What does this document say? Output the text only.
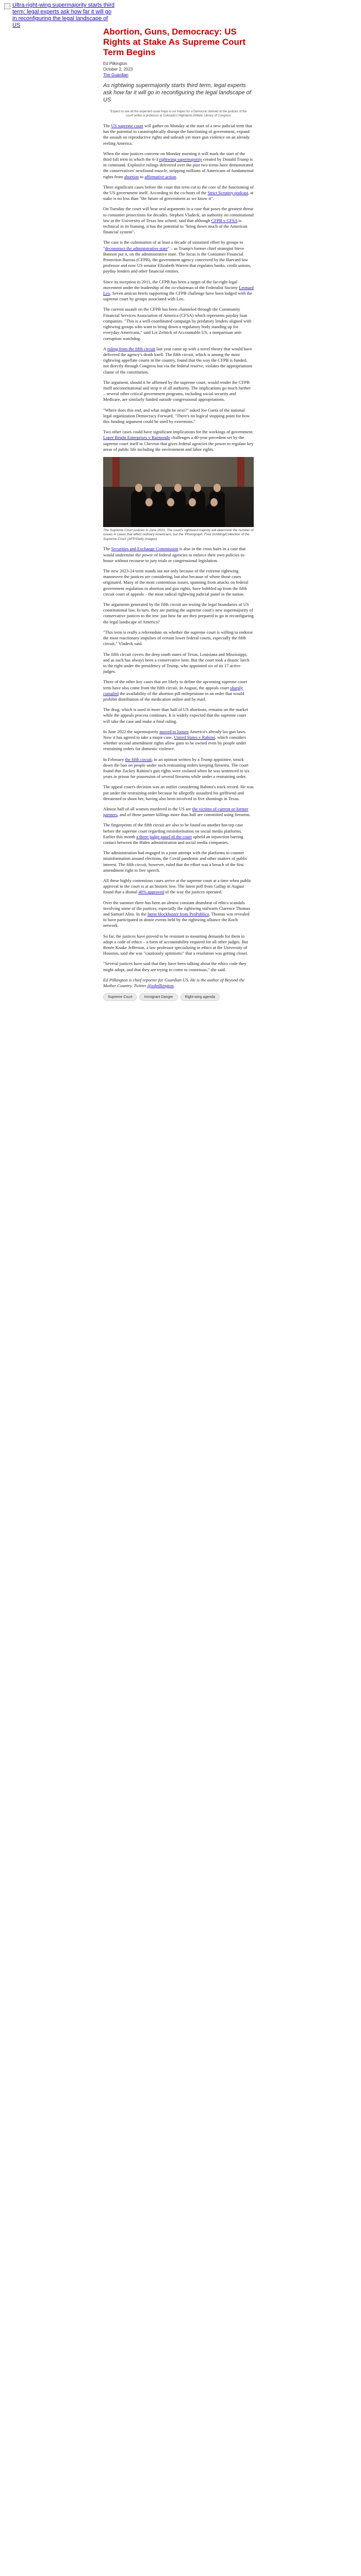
Ultra-right-wing supermajority starts third term: legal experts ask how far it will go in reconfiguring the legal landscape of US
Abortion, Guns, Democracy: US Rights at Stake As Supreme Court Term Begins
Ed Pilkington
October 2, 2023
The Guardian

As rightwing supermajority starts third term, legal experts ask how far it will go in reconfiguring the legal landscape of US

'Expect to see all the expected usual hope & our hopes for a Democrat shelved at the justices of the court' writes a professor at Colorado's Highlands Athletic Library of Congress

The US supreme court will gather on Monday at the start of a new judicial term that has the potential to catastrophically disrupt the functioning of government, expand the assault on reproductive rights and unleash yet more gun violence on an already reeling America.

When the nine justices convene on Monday morning it will mark the start of the third full term in which the 6-3 rightwing supermajority created by Donald Trump is in command. Explosive rulings delivered over the past two terms have demonstrated the conservatives' newfound muscle, stripping millions of Americans of fundamental rights from abortion to affirmative action.

Three significant cases before the court this term cut to the core of the functioning of the US government itself. According to the co-hosts of the Strict Scrutiny podcast, at stake is no less than "the future of government as we know it".

On Tuesday the court will hear oral arguments in a case that poses the greatest threat to consumer protections for decades. Stephen Vladeck, an authority on constitutional law at the University of Texas law school, said that although CFPB v CFSA is technical in its framing, it has the potential to "bring down much of the American financial system".

The case is the culmination of at least a decade of sustained effort by groups to "deconstruct the administrative state" – as Trump's former chief strategist Steve Bannon put it, on the administrative state. The focus is the Consumer Financial Protection Bureau (CFPB), the government agency conceived by the Harvard law professor and now US senator Elizabeth Warren that regulates banks, credit unions, payday lenders and other financial entities.

Since its inception in 2011, the CFPB has been a target of the far-right legal movement under the leadership of the co-chairman of the Federalist Society Leonard Leo. Seven amicus briefs supporting the CFPB challenge have been lodged with the supreme court by groups associated with Leo.

The current assault on the CFPB has been channeled through the Community Financial Services Association of America (CFSA) which represents payday loan companies. "This is a well-coordinated campaign by predatory lenders aligned with rightwing groups who want to bring down a regulatory body standing up for everyday Americans," said Liz Zelnick of Accountable.US, a nonpartisan anti-corruption watchdog.

A ruling from the fifth circuit last year came up with a novel theory that would have delivered the agency's death knell. The fifth circuit, which is among the most rightwing appellate courts in the country, found that the way the CFPB is funded, not directly through Congress but via the federal reserve, violates the appropriations clause of the constitution.

The argument, should it be affirmed by the supreme court, would render the CFPB itself unconstitutional and strip it of all authority. The implications go much further – several other critical government programs, including social security and Medicare, are similarly funded outside congressional appropriations.

"Where does this end, and what might be next?" asked Joe Gaeta of the national legal organization Democracy Forward. "There's no logical stopping point for how this funding argument could be used by extremists."

Two other cases could have significant implications for the workings of government. Loper Bright Enterprises v Raimondo challenges a 40-year precedent set by the supreme court itself in Chevron that gives federal agencies the power to regulate key areas of public life including the environment and labor rights.

The Supreme Court justices in June 2023. The court's rightward majority will determine the number of issues in cases that affect ordinary Americans, but the ‘Photograph: Fred Schilling/Collection of the Supreme Court’ (AFP/Getty Images)

The Securities and Exchange Commission is also in the cross hairs in a case that would undermine the power of federal agencies to enforce their own policies in-house without recourse to jury trials or congressional legislation.

The new 2023-24 term stands out not only because of the extreme rightwing manoeuvre the justices are considering, but also because of where those cases originated. Many of the most contentious issues, spanning from attacks on federal government regulation to abortion and gun rights, have bubbled up from the fifth circuit court of appeals – the most radical rightwing judicial panel in the nation.

The arguments generated by the fifth circuit are testing the legal boundaries of US constitutional law. In turn, they are putting the supreme court's new supermajority of conservative justices to the test: just how far are they prepared to go in reconfiguring the legal landscape of America?

"This term is really a referendum on whether the supreme court is willing to endorse the most reactionary impulses of certain lower federal courts, especially the fifth circuit," Vladeck said.

The fifth circuit covers the deep south states of Texas, Louisiana and Mississippi, and as such has always been a conservative bent. But the court took a drastic lurch to the right under the presidency of Trump, who appointed six of its 17 active judges.

Three of the other key cases that are likely to define the upcoming supreme court term have also come from the fifth circuit. In August, the appeals court sharply curtailed the availability of the abortion pill mifepristone in an order that would prohibit distribution of the medication online and by mail.

The drug, which is used in more than half of US abortions, remains on the market while the appeals process continues. It is widely expected that the supreme court will take the case and make a final ruling.

In June 2022 the supermajority moved to loosen America's already lax gun laws. Now it has agreed to take a major case, United States v Rahimi, which considers whether second amendment rights allow guns to be owned even by people under restraining orders for domestic violence.

In February the fifth circuit, in an opinion written by a Trump appointee, struck down the ban on people under such restraining orders keeping firearms. The court found that Zackey Rahimi's gun rights were violated when he was sentenced to six years in prison for possession of several firearms while under a restraining order.

The appeal court's decision was an outlier considering Rahimi's track record. He was put under the restraining order because he allegedly assaulted his girlfriend and threatened to shoot her, having also been involved in five shootings in Texas.

Almost half of all women murdered in the US are the victims of current or former partners, and of those partner killings more than half are committed using firearms.

The fingerprints of the fifth circuit are also to be found on another hot-top case before the supreme court regarding misinformation on social media platforms. Earlier this month a three-judge panel of the court upheld an injunction barring contact between the Biden administration and social media companies.

The administration had engaged in a joint attempt with the platforms to counter misinformation around elections, the Covid pandemic and other matters of public interest. The fifth circuit, however, ruled that the effort was a breach of the first amendment right to free speech.

All these highly contentious cases arrive at the supreme court at a time when public approval in the court is at an historic low. The latest poll from Gallup in August found that a dismal 40% approved of the way the justices operated.

Over the summer there has been an almost constant drumbeat of ethics scandals involving some of the justices, especially the rightwing stalwarts Clarence Thomas and Samuel Alito. In the latest blockbuster from ProPublica, Thomas was revealed to have participated in donor events held by the rightwing alliance the Koch network.

So far, the justices have proved to be resistant to mounting demands for them to adopt a code of ethics – a form of accountability required for all other judges. But Renée Knake Jefferson, a law professor specializing in ethics at the University of Houston, said she was "cautiously optimistic" that a resolution was getting closer.

"Several justices have said that they have been talking about the ethics code they might adopt, and that they are trying to come to consensus," she said.

Ed Pilkington is chief reporter for Guardian US. He is the author of Beyond the Mother Country. Twitter @edpilkington.

Supreme Court	Immigrant Danger	Right-wing agenda
